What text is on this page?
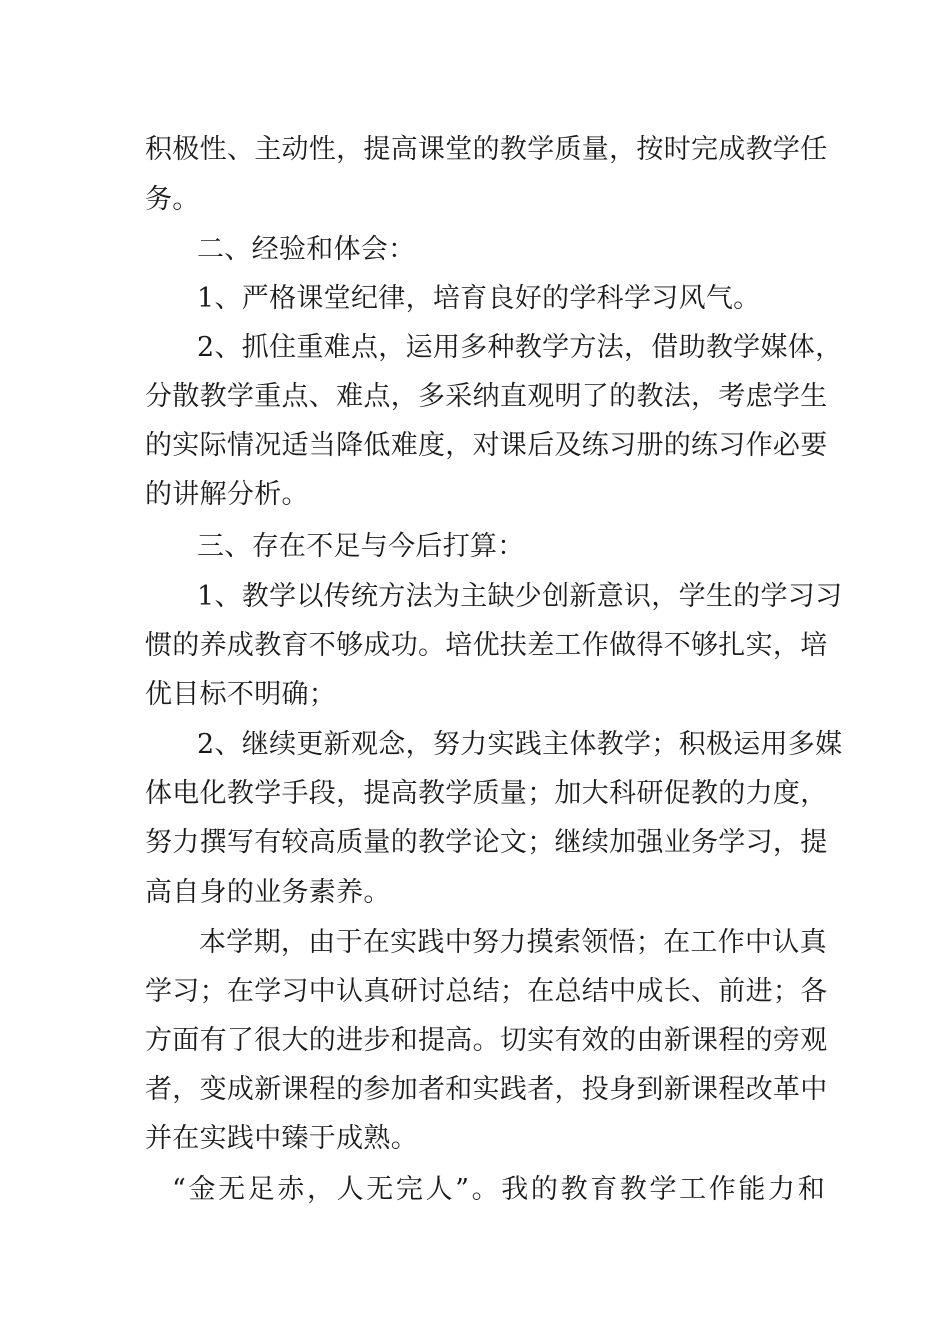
积极性、主动性，提高课堂的教学质量，按时完成教学任
务。
二、经验和体会：
1、严格课堂纪律，培育良好的学科学习风气。
2、抓住重难点，运用多种教学方法，借助教学媒体，
分散教学重点、难点，多采纳直观明了的教法，考虑学生
的实际情况适当降低难度，对课后及练习册的练习作必要
的讲解分析。
三、存在不足与今后打算：
1、教学以传统方法为主缺少创新意识，学生的学习习
惯的养成教育不够成功。培优扶差工作做得不够扎实，培
优目标不明确；
2、继续更新观念，努力实践主体教学；积极运用多媒
体电化教学手段，提高教学质量；加大科研促教的力度，
努力撰写有较高质量的教学论文；继续加强业务学习，提
高自身的业务素养。
本学期，由于在实践中努力摸索领悟；在工作中认真
学习；在学习中认真研讨总结；在总结中成长、前进；各
方面有了很大的进步和提高。切实有效的由新课程的旁观
者，变成新课程的参加者和实践者，投身到新课程改革中
并在实践中臻于成熟。
“金无足赤，人无完人”。我的教育教学工作能力和
